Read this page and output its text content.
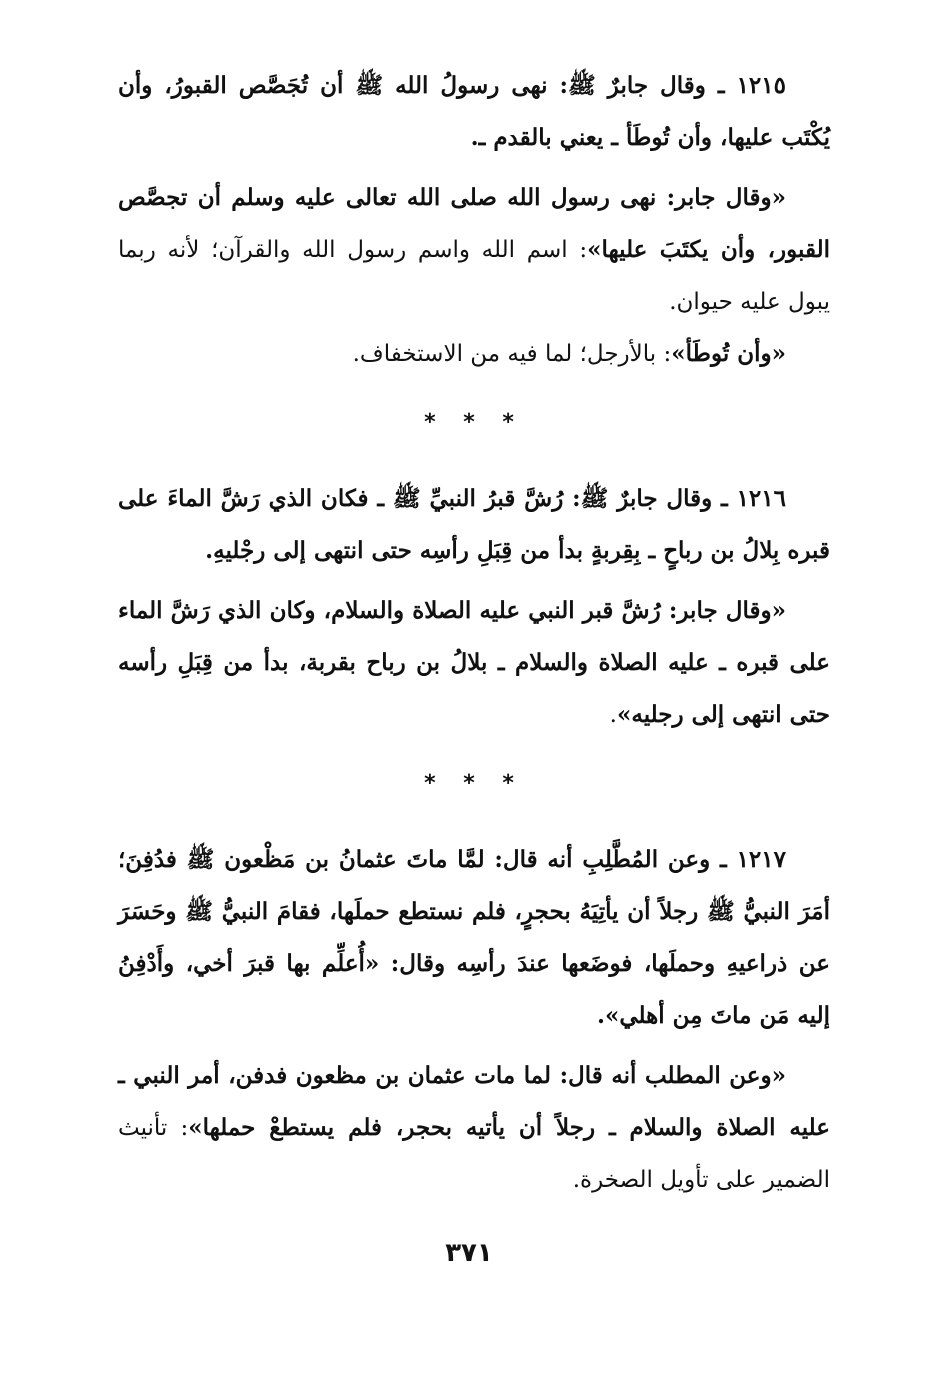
١٢١٥ ـ وقال جابرٌ ﷺ: نهى رسولُ الله ﷺ أن تُجَصَّص القبورُ، وأن يُكْتَب عليها، وأن تُوطَأ ـ يعني بالقدم ـ.

«وقال جابر: نهى رسول الله صلى الله تعالى عليه وسلم أن تجصَّص القبور، وأن يكتَبَ عليها»: اسم الله واسم رسول الله والقرآن؛ لأنه ربما يبول عليه حيوان.

«وأن تُوطَأ»: بالأرجل؛ لما فيه من الاستخفاف.

* * *

١٢١٦ ـ وقال جابرٌ ﷺ: رُشَّ قبرُ النبيِّ ﷺ ـ فكان الذي رَشَّ الماءَ على قبره بِلالُ بن رباحٍ ـ بِقِربةٍ بدأ من قِبَلِ رأسِه حتى انتهى إلى رجْليهِ.

«وقال جابر: رُشَّ قبر النبي عليه الصلاة والسلام، وكان الذي رَشَّ الماء على قبره ـ عليه الصلاة والسلام ـ بلالُ بن رباح بقربة، بدأ من قِبَلِ رأسه حتى انتهى إلى رجليه».

* * *

١٢١٧ ـ وعن المُطَّلِبِ أنه قال: لمَّا ماتَ عثمانُ بن مَظْعون ﷺ فدُفِنَ؛ أمَرَ النبيُّ ﷺ رجلاً أن يأتِيَهُ بحجرٍ، فلم نستطع حملَها، فقامَ النبيُّ ﷺ وحَسَرَ عن ذراعيهِ وحملَها، فوضَعها عندَ رأسِه وقال: «أُعلِّم بها قبرَ أخي، وأَدْفِنُ إليه مَن ماتَ مِن أهلي».

«وعن المطلب أنه قال: لما مات عثمان بن مظعون فدفن، أمر النبي ـ عليه الصلاة والسلام ـ رجلاً أن يأتيه بحجر، فلم يستطعْ حملها»: تأنيث الضمير على تأويل الصخرة.

٣٧١
